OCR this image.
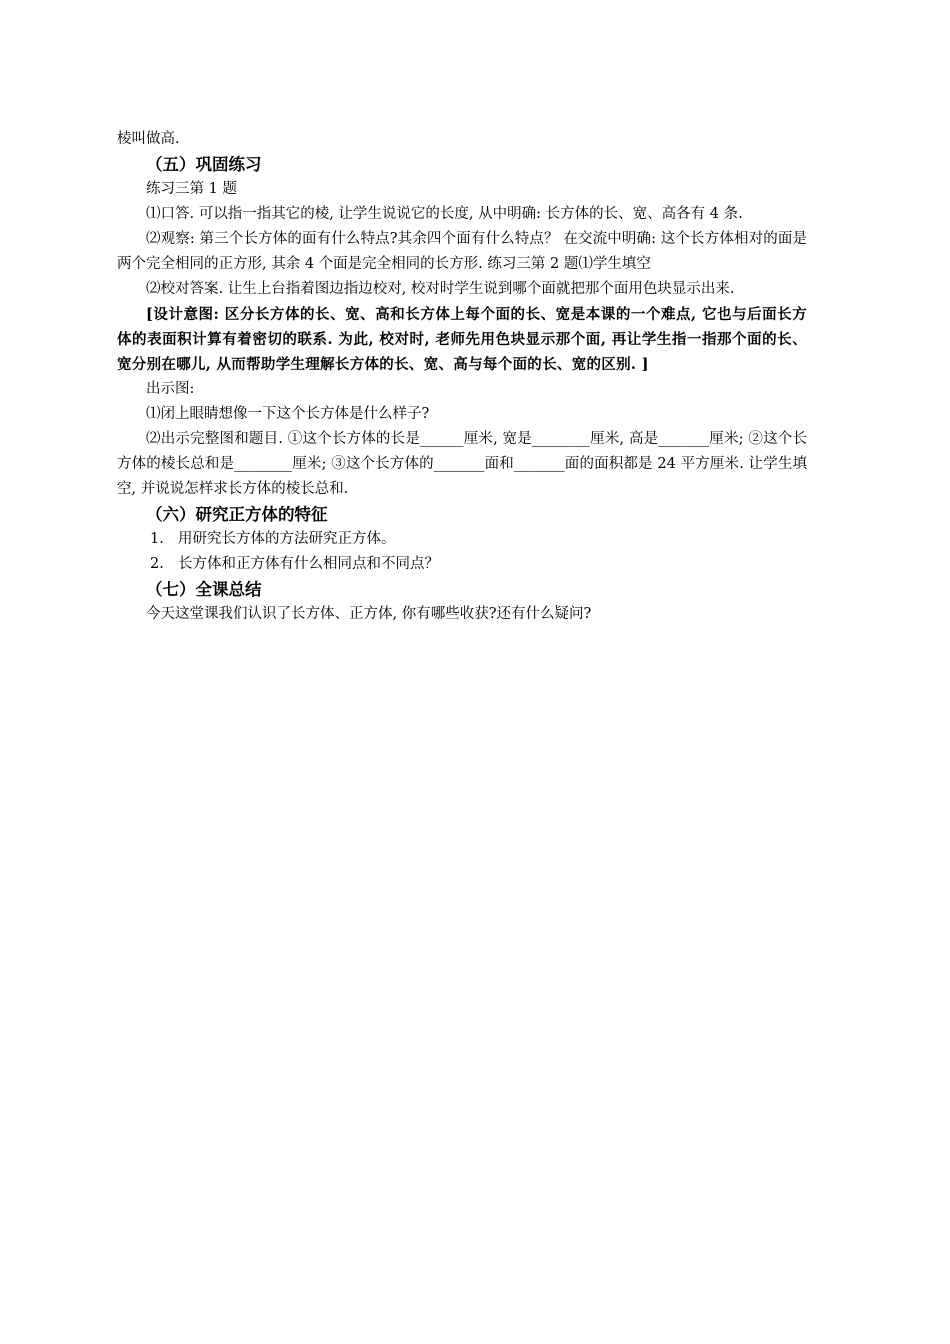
棱叫做高.

（五）巩固练习

练习三第 1 题

⑴口答. 可以指一指其它的棱, 让学生说说它的长度, 从中明确: 长方体的长、宽、高各有 4 条.

⑵观察: 第三个长方体的面有什么特点?其余四个面有什么特点？ 在交流中明确: 这个长方体相对的面是两个完全相同的正方形, 其余 4 个面是完全相同的长方形. 练习三第 2 题⑴学生填空

⑵校对答案. 让生上台指着图边指边校对, 校对时学生说到哪个面就把那个面用色块显示出来.

[设计意图: 区分长方体的长、宽、高和长方体上每个面的长、宽是本课的一个难点, 它也与后面长方体的表面积计算有着密切的联系. 为此, 校对时, 老师先用色块显示那个面, 再让学生指一指那个面的长、宽分别在哪儿, 从而帮助学生理解长方体的长、宽、高与每个面的长、宽的区别. ]

出示图:

⑴闭上眼睛想像一下这个长方体是什么样子?

⑵出示完整图和题目. ①这个长方体的长是______厘米, 宽是________厘米, 高是_______厘米; ②这个长方体的棱长总和是________厘米; ③这个长方体的_______面和_______面的面积都是 24 平方厘米. 让学生填空, 并说说怎样求长方体的棱长总和.

（六）研究正方体的特征
1. 用研究长方体的方法研究正方体。
2. 长方体和正方体有什么相同点和不同点？
（七）全课总结

今天这堂课我们认识了长方体、正方体, 你有哪些收获?还有什么疑问?
